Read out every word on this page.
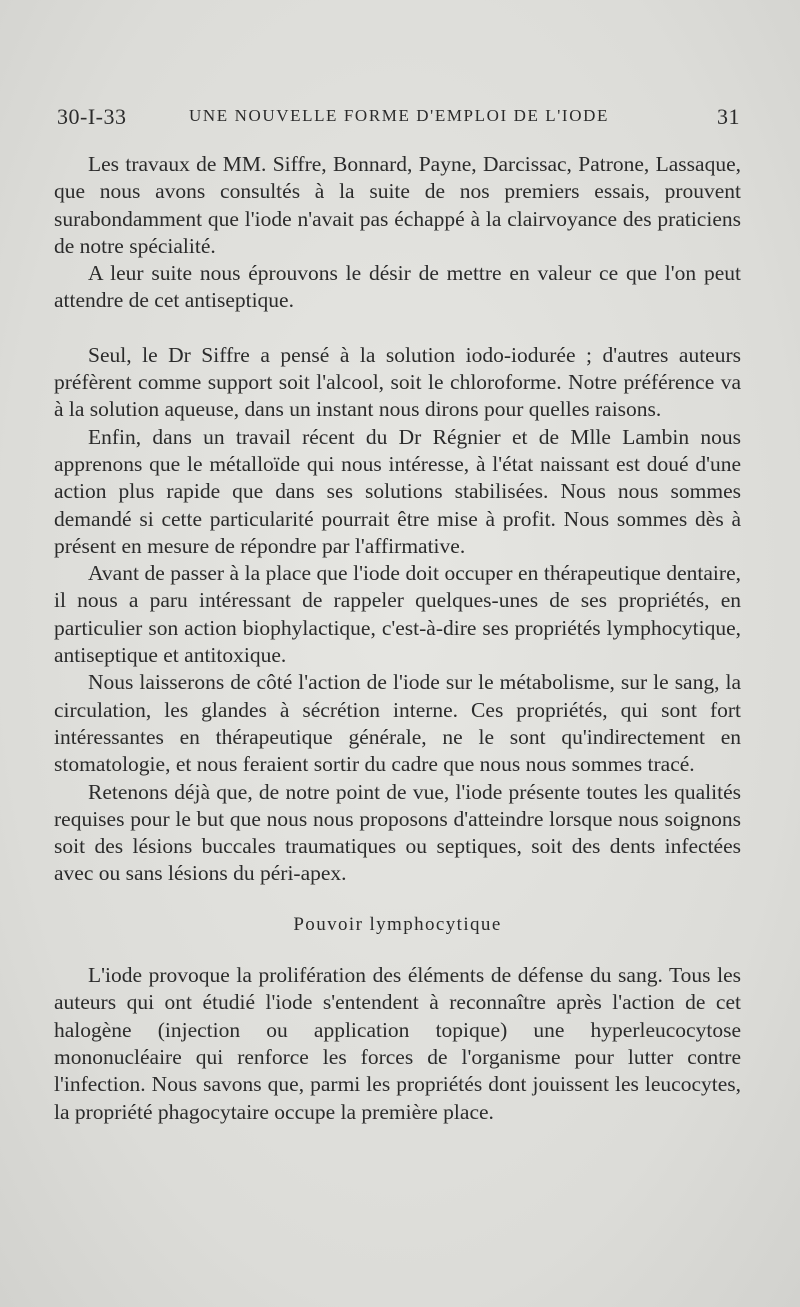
30-I-33	UNE NOUVELLE FORME D'EMPLOI DE L'IODE	31

Les travaux de MM. Siffre, Bonnard, Payne, Darcissac, Patrone, Lassaque, que nous avons consultés à la suite de nos premiers essais, prouvent surabondamment que l'iode n'avait pas échappé à la clairvoyance des praticiens de notre spécialité.

A leur suite nous éprouvons le désir de mettre en valeur ce que l'on peut attendre de cet antiseptique.

Seul, le Dr Siffre a pensé à la solution iodo-iodurée ; d'autres auteurs préfèrent comme support soit l'alcool, soit le chloroforme. Notre préférence va à la solution aqueuse, dans un instant nous dirons pour quelles raisons.

Enfin, dans un travail récent du Dr Régnier et de Mlle Lambin nous apprenons que le métalloïde qui nous intéresse, à l'état naissant est doué d'une action plus rapide que dans ses solutions stabilisées. Nous nous sommes demandé si cette particularité pourrait être mise à profit. Nous sommes dès à présent en mesure de répondre par l'affirmative.

Avant de passer à la place que l'iode doit occuper en thérapeutique dentaire, il nous a paru intéressant de rappeler quelques-unes de ses propriétés, en particulier son action biophylactique, c'est-à-dire ses propriétés lymphocytique, antiseptique et antitoxique.

Nous laisserons de côté l'action de l'iode sur le métabolisme, sur le sang, la circulation, les glandes à sécrétion interne. Ces propriétés, qui sont fort intéressantes en thérapeutique générale, ne le sont qu'indirectement en stomatologie, et nous feraient sortir du cadre que nous nous sommes tracé.

Retenons déjà que, de notre point de vue, l'iode présente toutes les qualités requises pour le but que nous nous proposons d'atteindre lorsque nous soignons soit des lésions buccales traumatiques ou septiques, soit des dents infectées avec ou sans lésions du péri-apex.

Pouvoir lymphocytique

L'iode provoque la prolifération des éléments de défense du sang. Tous les auteurs qui ont étudié l'iode s'entendent à reconnaître après l'action de cet halogène (injection ou application topique) une hyperleucocytose mononucléaire qui renforce les forces de l'organisme pour lutter contre l'infection. Nous savons que, parmi les propriétés dont jouissent les leucocytes, la propriété phagocytaire occupe la première place.
